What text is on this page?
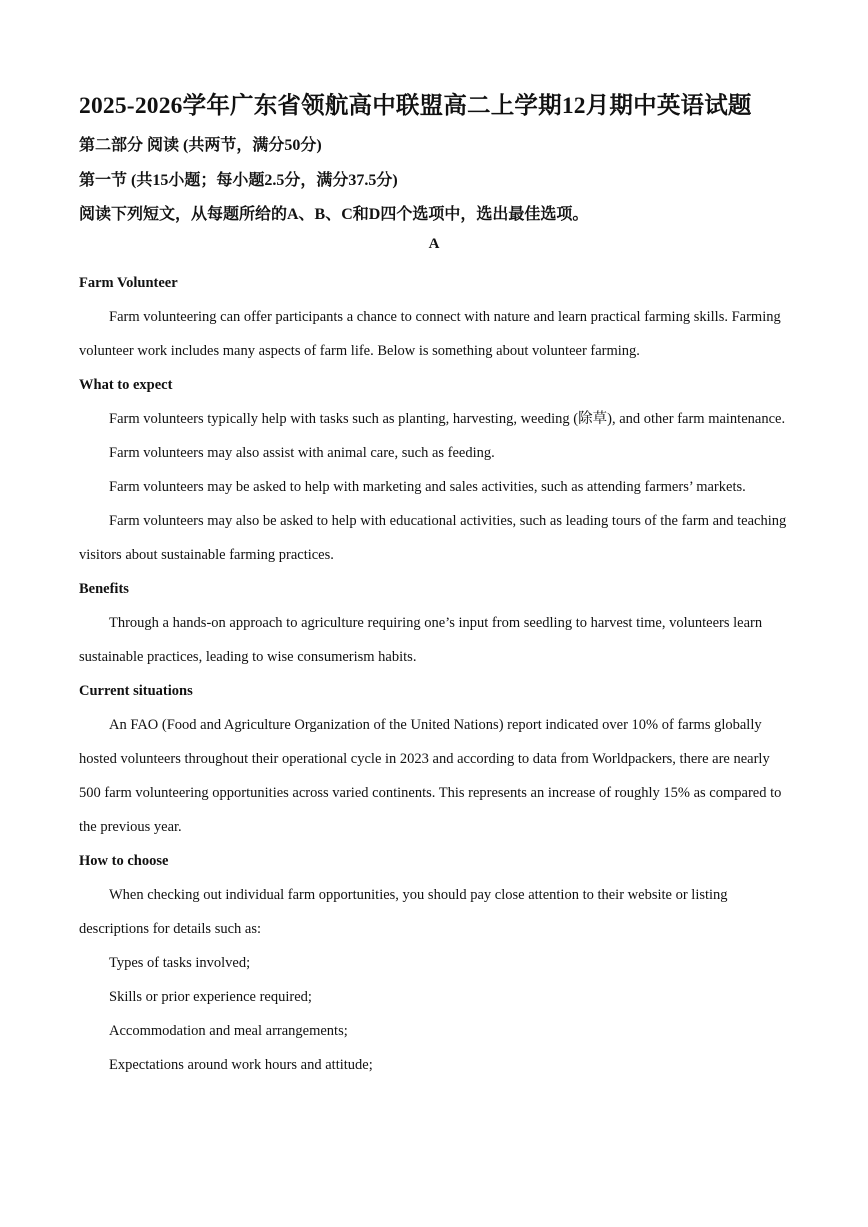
2025-2026学年广东省领航高中联盟高二上学期12月期中英语试题
第二部分 阅读 (共两节，满分50分)
第一节 (共15小题；每小题2.5分，满分37.5分)
阅读下列短文，从每题所给的A、B、C和D四个选项中，选出最佳选项。
A
Farm Volunteer

Farm volunteering can offer participants a chance to connect with nature and learn practical farming skills. Farming volunteer work includes many aspects of farm life. Below is something about volunteer farming.

What to expect

Farm volunteers typically help with tasks such as planting, harvesting, weeding (除草), and other farm maintenance.

Farm volunteers may also assist with animal care, such as feeding.

Farm volunteers may be asked to help with marketing and sales activities, such as attending farmers’ markets.

Farm volunteers may also be asked to help with educational activities, such as leading tours of the farm and teaching visitors about sustainable farming practices.

Benefits

Through a hands-on approach to agriculture requiring one’s input from seedling to harvest time, volunteers learn sustainable practices, leading to wise consumerism habits.

Current situations

An FAO (Food and Agriculture Organization of the United Nations) report indicated over 10% of farms globally hosted volunteers throughout their operational cycle in 2023 and according to data from Worldpackers, there are nearly 500 farm volunteering opportunities across varied continents. This represents an increase of roughly 15% as compared to the previous year.

How to choose

When checking out individual farm opportunities, you should pay close attention to their website or listing descriptions for details such as:

Types of tasks involved;

Skills or prior experience required;

Accommodation and meal arrangements;

Expectations around work hours and attitude;
